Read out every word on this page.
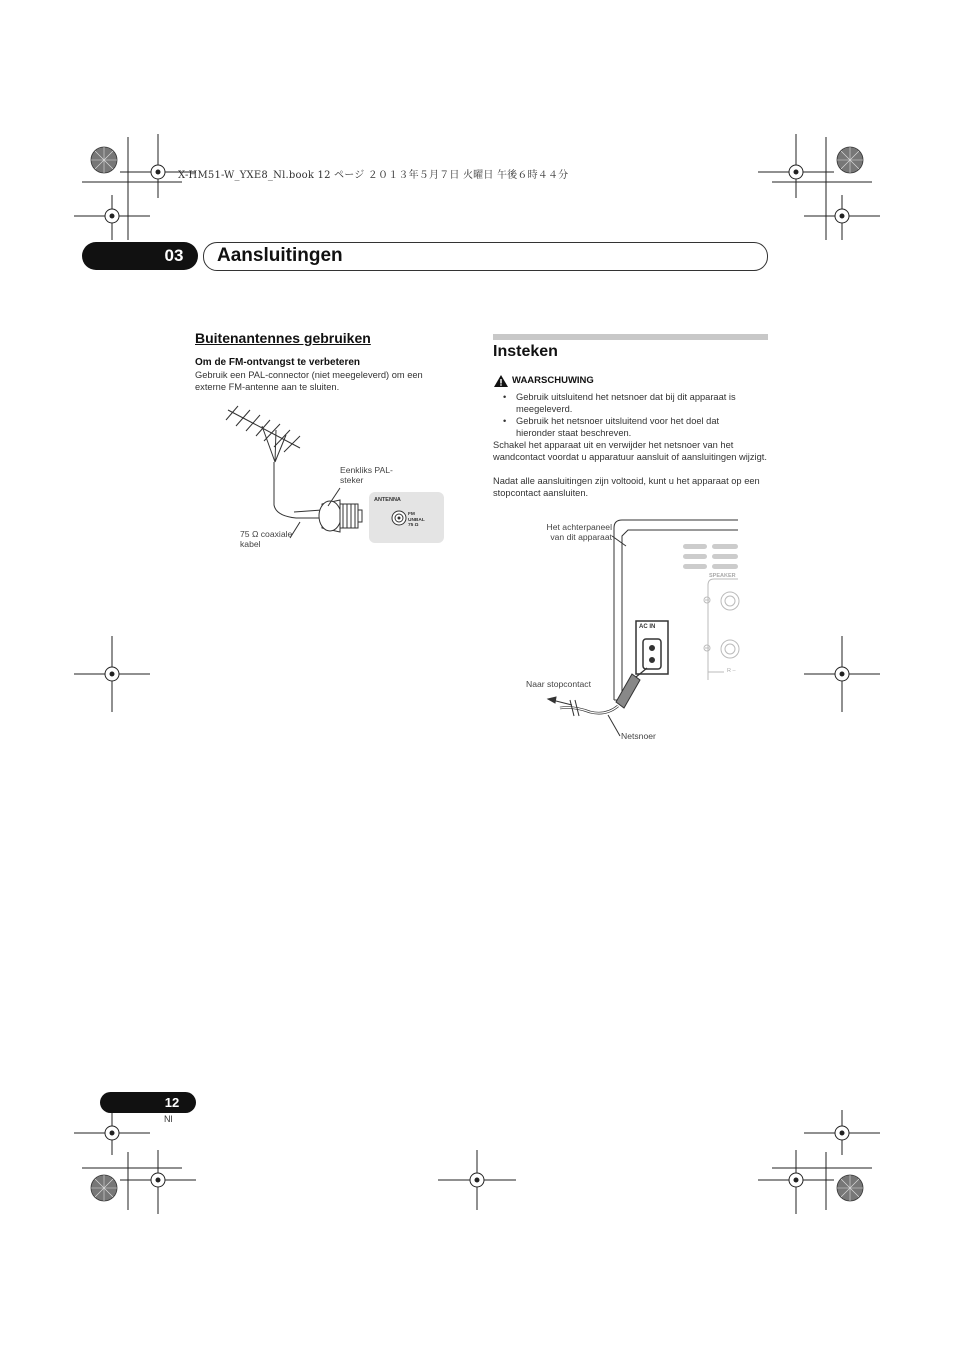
X-HM51-W_YXE8_Nl.book 12 ページ ２０１３年５月７日 火曜日 午後６時４４分
03	Aansluitingen
Buitenantennes gebruiken
Om de FM-ontvangst te verbeteren
Gebruik een PAL-connector (niet meegeleverd) om een externe FM-antenne aan te sluiten.
ANTENNA
FM
UNBAL
75 Ω
Eenkliks PAL-
steker
75 Ω coaxiale
kabel
Insteken
WAARSCHUWING
• Gebruik uitsluitend het netsnoer dat bij dit apparaat is meegeleverd.
• Gebruik het netsnoer uitsluitend voor het doel dat hieronder staat beschreven.
Schakel het apparaat uit en verwijder het netsnoer van het wandcontact voordat u apparatuur aansluit of aansluitingen wijzigt.
Nadat alle aansluitingen zijn voltooid, kunt u het apparaat op een stopcontact aansluiten.
AC IN
SPEAKER
R –
Het achterpaneel
van dit apparaat
Naar stopcontact
Netsnoer
12
Nl
